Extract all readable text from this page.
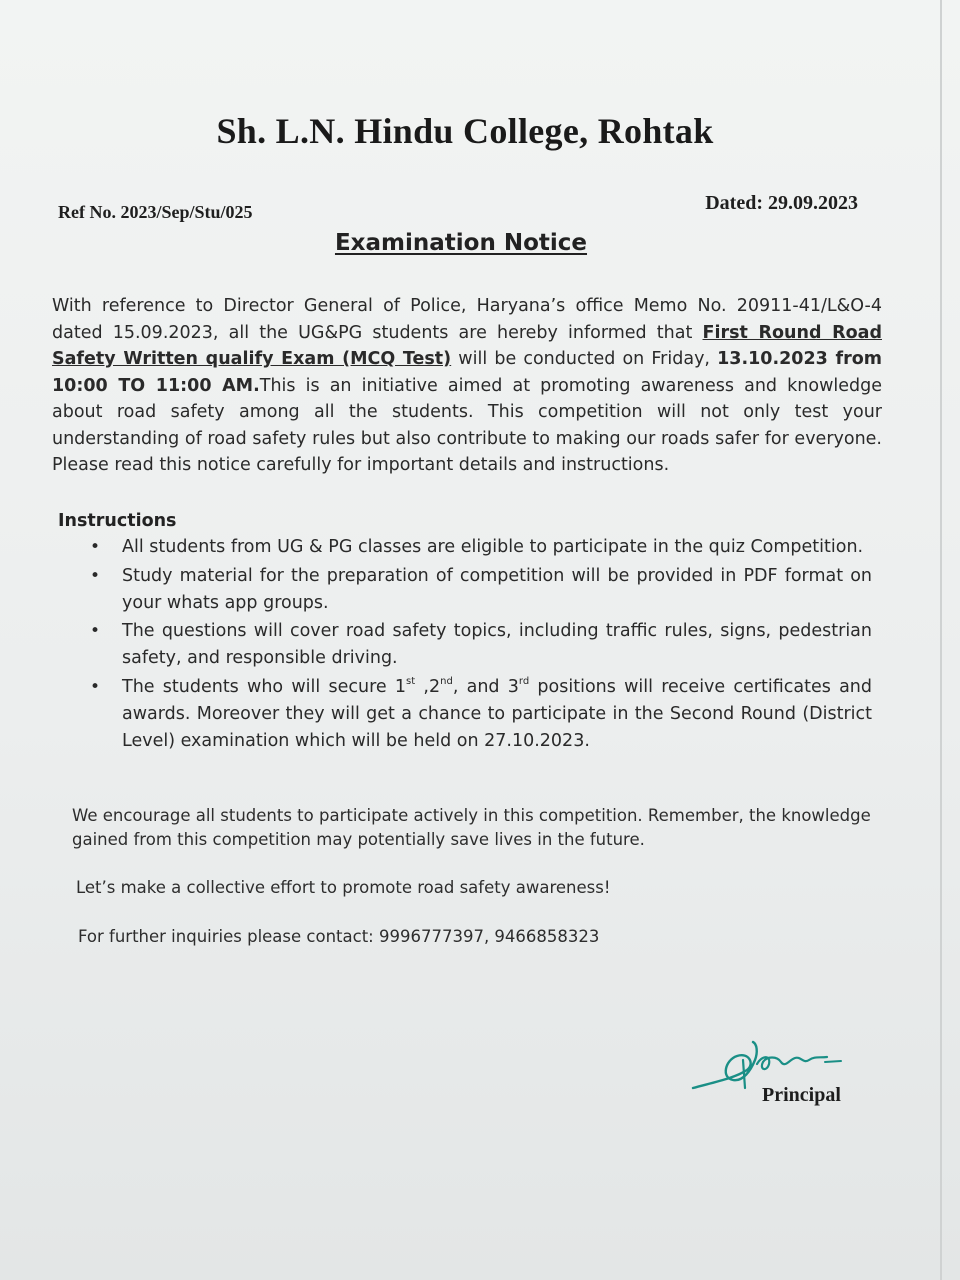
Sh. L.N. Hindu College, Rohtak
Ref No. 2023/Sep/Stu/025	Dated: 29.09.2023
Examination Notice
With reference to Director General of Police, Haryana’s office Memo No. 20911-41/L&O-4 dated 15.09.2023, all the UG&PG students are hereby informed that First Round Road Safety Written qualify Exam (MCQ Test) will be conducted on Friday, 13.10.2023 from 10:00 TO 11:00 AM.This is an initiative aimed at promoting awareness and knowledge about road safety among all the students. This competition will not only test your understanding of road safety rules but also contribute to making our roads safer for everyone. Please read this notice carefully for important details and instructions.
Instructions
• All students from UG & PG classes are eligible to participate in the quiz Competition.
• Study material for the preparation of competition will be provided in PDF format on your whats app groups.
• The questions will cover road safety topics, including traffic rules, signs, pedestrian safety, and responsible driving.
• The students who will secure 1st ,2nd, and 3rd positions will receive certificates and awards. Moreover they will get a chance to participate in the Second Round (District Level) examination which will be held on 27.10.2023.
We encourage all students to participate actively in this competition. Remember, the knowledge gained from this competition may potentially save lives in the future.
Let’s make a collective effort to promote road safety awareness!
For further inquiries please contact: 9996777397, 9466858323
Principal
